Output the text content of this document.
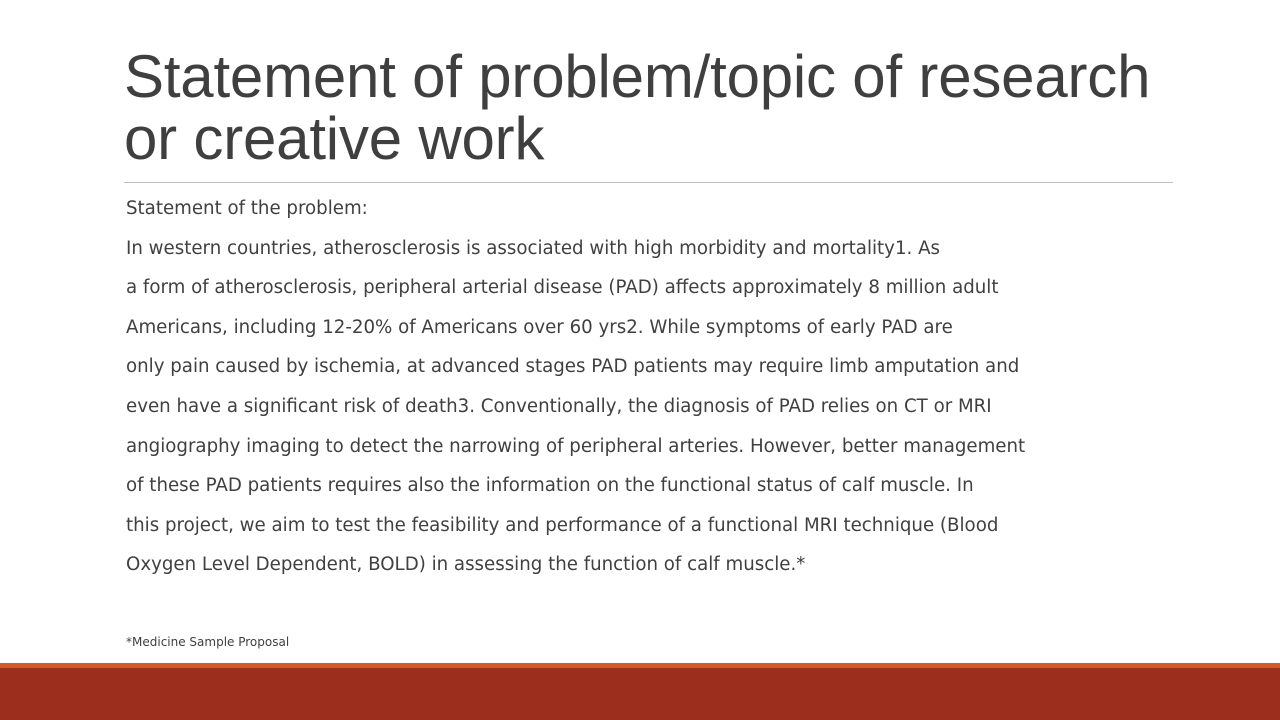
Statement of problem/topic of research or creative work
Statement of the problem:
In western countries, atherosclerosis is associated with high morbidity and mortality1. As
a form of atherosclerosis, peripheral arterial disease (PAD) affects approximately 8 million adult
Americans, including 12-20% of Americans over 60 yrs2. While symptoms of early PAD are
only pain caused by ischemia, at advanced stages PAD patients may require limb amputation and
even have a significant risk of death3. Conventionally, the diagnosis of PAD relies on CT or MRI
angiography imaging to detect the narrowing of peripheral arteries. However, better management
of these PAD patients requires also the information on the functional status of calf muscle. In
this project, we aim to test the feasibility and performance of a functional MRI technique (Blood
Oxygen Level Dependent, BOLD) in assessing the function of calf muscle.*
*Medicine Sample Proposal
